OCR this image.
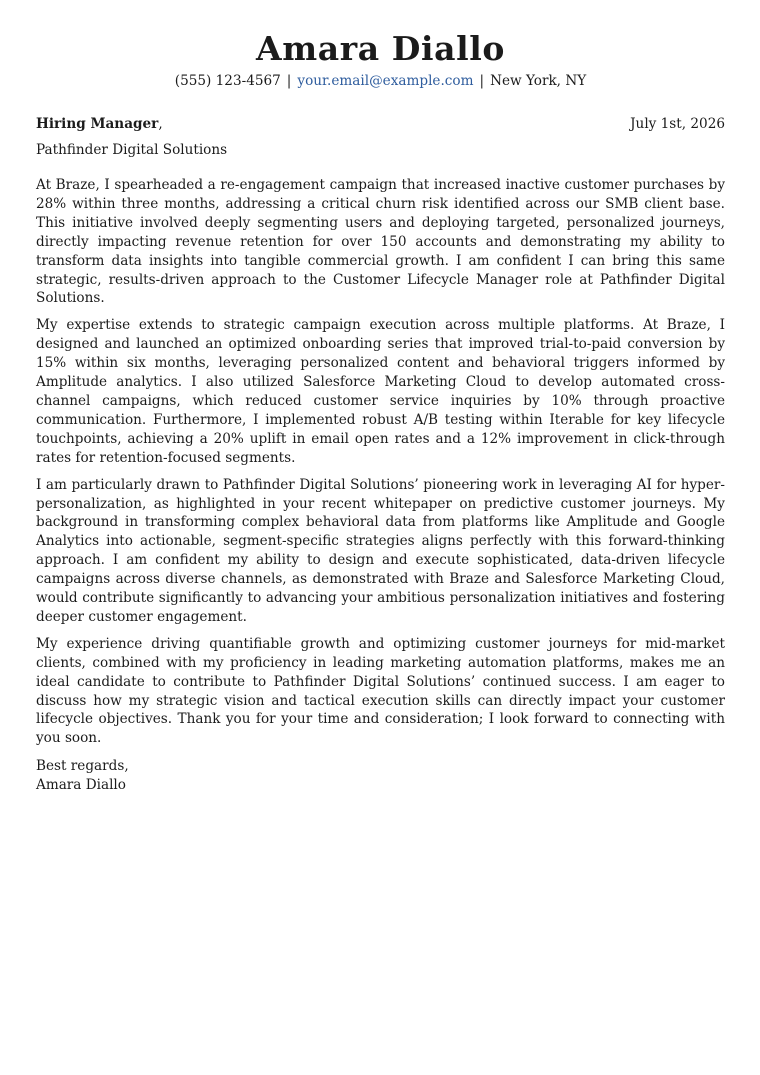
Amara Diallo
(555) 123-4567 | your.email@example.com | New York, NY
Hiring Manager,	July 1st, 2026
Pathfinder Digital Solutions

At Braze, I spearheaded a re-engagement campaign that increased inactive customer purchases by 28% within three months, addressing a critical churn risk identified across our SMB client base. This initiative involved deeply segmenting users and deploying targeted, personalized journeys, directly impacting revenue retention for over 150 accounts and demonstrating my ability to transform data insights into tangible commercial growth. I am confident I can bring this same strategic, results-driven approach to the Customer Lifecycle Manager role at Pathfinder Digital Solutions.

My expertise extends to strategic campaign execution across multiple platforms. At Braze, I designed and launched an optimized onboarding series that improved trial-to-paid conversion by 15% within six months, leveraging personalized content and behavioral triggers informed by Amplitude analytics. I also utilized Salesforce Marketing Cloud to develop automated cross-channel campaigns, which reduced customer service inquiries by 10% through proactive communication. Furthermore, I implemented robust A/B testing within Iterable for key lifecycle touchpoints, achieving a 20% uplift in email open rates and a 12% improvement in click-through rates for retention-focused segments.

I am particularly drawn to Pathfinder Digital Solutions’ pioneering work in leveraging AI for hyper-personalization, as highlighted in your recent whitepaper on predictive customer journeys. My background in transforming complex behavioral data from platforms like Amplitude and Google Analytics into actionable, segment-specific strategies aligns perfectly with this forward-thinking approach. I am confident my ability to design and execute sophisticated, data-driven lifecycle campaigns across diverse channels, as demonstrated with Braze and Salesforce Marketing Cloud, would contribute significantly to advancing your ambitious personalization initiatives and fostering deeper customer engagement.

My experience driving quantifiable growth and optimizing customer journeys for mid-market clients, combined with my proficiency in leading marketing automation platforms, makes me an ideal candidate to contribute to Pathfinder Digital Solutions’ continued success. I am eager to discuss how my strategic vision and tactical execution skills can directly impact your customer lifecycle objectives. Thank you for your time and consideration; I look forward to connecting with you soon.

Best regards,
Amara Diallo
